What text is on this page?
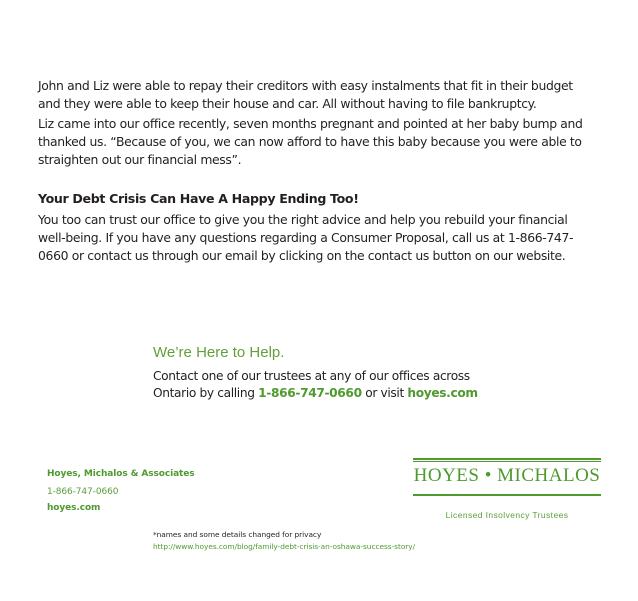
John and Liz were able to repay their creditors with easy instalments that fit in their budget and they were able to keep their house and car. All without having to file bankruptcy.

Liz came into our office recently, seven months pregnant and pointed at her baby bump and thanked us. “Because of you, we can now afford to have this baby because you were able to straighten out our financial mess”.

Your Debt Crisis Can Have A Happy Ending Too!

You too can trust our office to give you the right advice and help you rebuild your financial well-being. If you have any questions regarding a Consumer Proposal, call us at 1-866-747-0660 or contact us through our email by clicking on the contact us button on our website.

We’re Here to Help.
Contact one of our trustees at any of our offices across
Ontario by calling 1-866-747-0660 or visit hoyes.com
Hoyes, Michalos & Associates
1-866-747-0660
hoyes.com
HOYES • MICHALOS
Licensed Insolvency Trustees
*names and some details changed for privacy
http://www.hoyes.com/blog/family-debt-crisis-an-oshawa-success-story/
